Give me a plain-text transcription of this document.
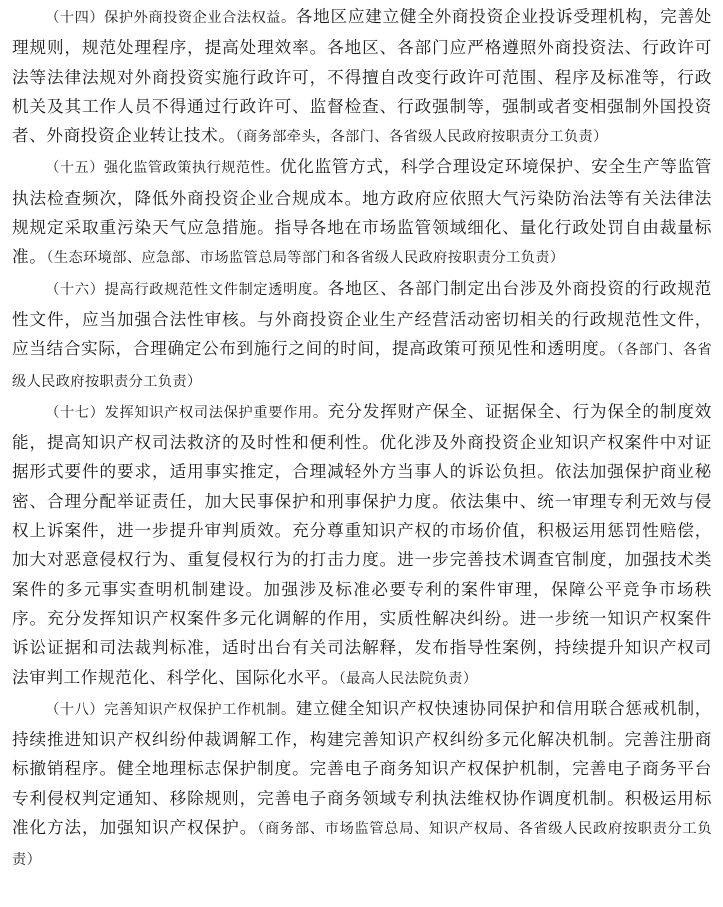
（十四）保护外商投资企业合法权益。各地区应建立健全外商投资企业投诉受理机构，完善处理规则，规范处理程序，提高处理效率。各地区、各部门应严格遵照外商投资法、行政许可法等法律法规对外商投资实施行政许可，不得擅自改变行政许可范围、程序及标准等，行政机关及其工作人员不得通过行政许可、监督检查、行政强制等，强制或者变相强制外国投资者、外商投资企业转让技术。（商务部牵头，各部门、各省级人民政府按职责分工负责）

（十五）强化监管政策执行规范性。优化监管方式，科学合理设定环境保护、安全生产等监管执法检查频次，降低外商投资企业合规成本。地方政府应依照大气污染防治法等有关法律法规规定采取重污染天气应急措施。指导各地在市场监管领域细化、量化行政处罚自由裁量标准。（生态环境部、应急部、市场监管总局等部门和各省级人民政府按职责分工负责）

（十六）提高行政规范性文件制定透明度。各地区、各部门制定出台涉及外商投资的行政规范性文件，应当加强合法性审核。与外商投资企业生产经营活动密切相关的行政规范性文件，应当结合实际，合理确定公布到施行之间的时间，提高政策可预见性和透明度。（各部门、各省级人民政府按职责分工负责）

（十七）发挥知识产权司法保护重要作用。充分发挥财产保全、证据保全、行为保全的制度效能，提高知识产权司法救济的及时性和便利性。优化涉及外商投资企业知识产权案件中对证据形式要件的要求，适用事实推定，合理减轻外方当事人的诉讼负担。依法加强保护商业秘密、合理分配举证责任，加大民事保护和刑事保护力度。依法集中、统一审理专利无效与侵权上诉案件，进一步提升审判质效。充分尊重知识产权的市场价值，积极运用惩罚性赔偿，加大对恶意侵权行为、重复侵权行为的打击力度。进一步完善技术调查官制度，加强技术类案件的多元事实查明机制建设。加强涉及标准必要专利的案件审理，保障公平竞争市场秩序。充分发挥知识产权案件多元化调解的作用，实质性解决纠纷。进一步统一知识产权案件诉讼证据和司法裁判标准，适时出台有关司法解释，发布指导性案例，持续提升知识产权司法审判工作规范化、科学化、国际化水平。（最高人民法院负责）

（十八）完善知识产权保护工作机制。建立健全知识产权快速协同保护和信用联合惩戒机制，持续推进知识产权纠纷仲裁调解工作，构建完善知识产权纠纷多元化解决机制。完善注册商标撤销程序。健全地理标志保护制度。完善电子商务知识产权保护机制，完善电子商务平台专利侵权判定通知、移除规则，完善电子商务领域专利执法维权协作调度机制。积极运用标准化方法，加强知识产权保护。（商务部、市场监管总局、知识产权局、各省级人民政府按职责分工负责）
